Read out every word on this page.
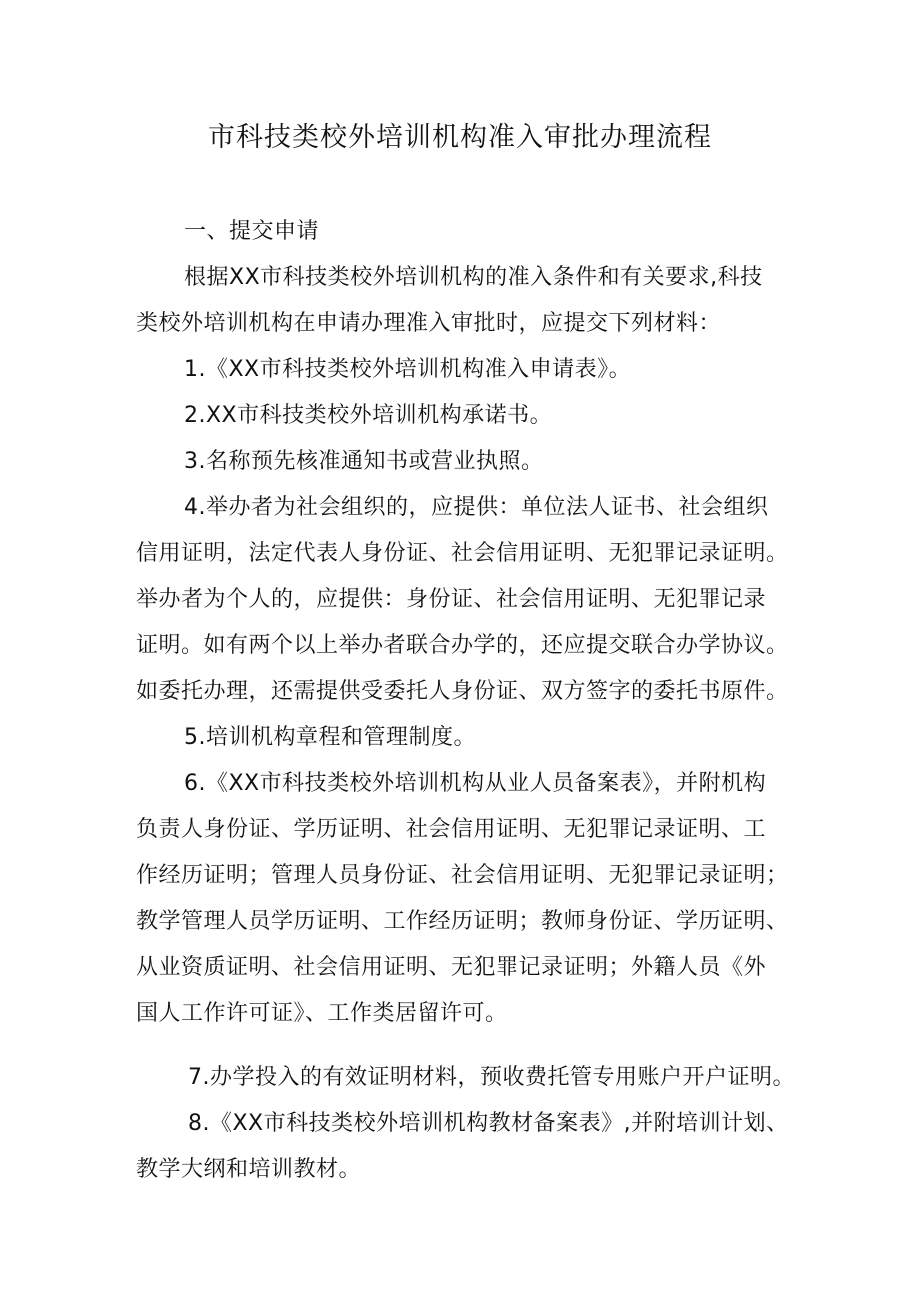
市科技类校外培训机构准入审批办理流程
一、提交申请
根据XX市科技类校外培训机构的准入条件和有关要求,科技
类校外培训机构在申请办理准入审批时，应提交下列材料：
1.《XX市科技类校外培训机构准入申请表》。
2.XX市科技类校外培训机构承诺书。
3.名称预先核准通知书或营业执照。
4.举办者为社会组织的，应提供：单位法人证书、社会组织
信用证明，法定代表人身份证、社会信用证明、无犯罪记录证明。
举办者为个人的，应提供：身份证、社会信用证明、无犯罪记录
证明。如有两个以上举办者联合办学的，还应提交联合办学协议。
如委托办理，还需提供受委托人身份证、双方签字的委托书原件。
5.培训机构章程和管理制度。
6.《XX市科技类校外培训机构从业人员备案表》，并附机构
负责人身份证、学历证明、社会信用证明、无犯罪记录证明、工
作经历证明；管理人员身份证、社会信用证明、无犯罪记录证明；
教学管理人员学历证明、工作经历证明；教师身份证、学历证明、
从业资质证明、社会信用证明、无犯罪记录证明；外籍人员《外
国人工作许可证》、工作类居留许可。
7.办学投入的有效证明材料，预收费托管专用账户开户证明。
8.《XX市科技类校外培训机构教材备案表》,并附培训计划、
教学大纲和培训教材。
